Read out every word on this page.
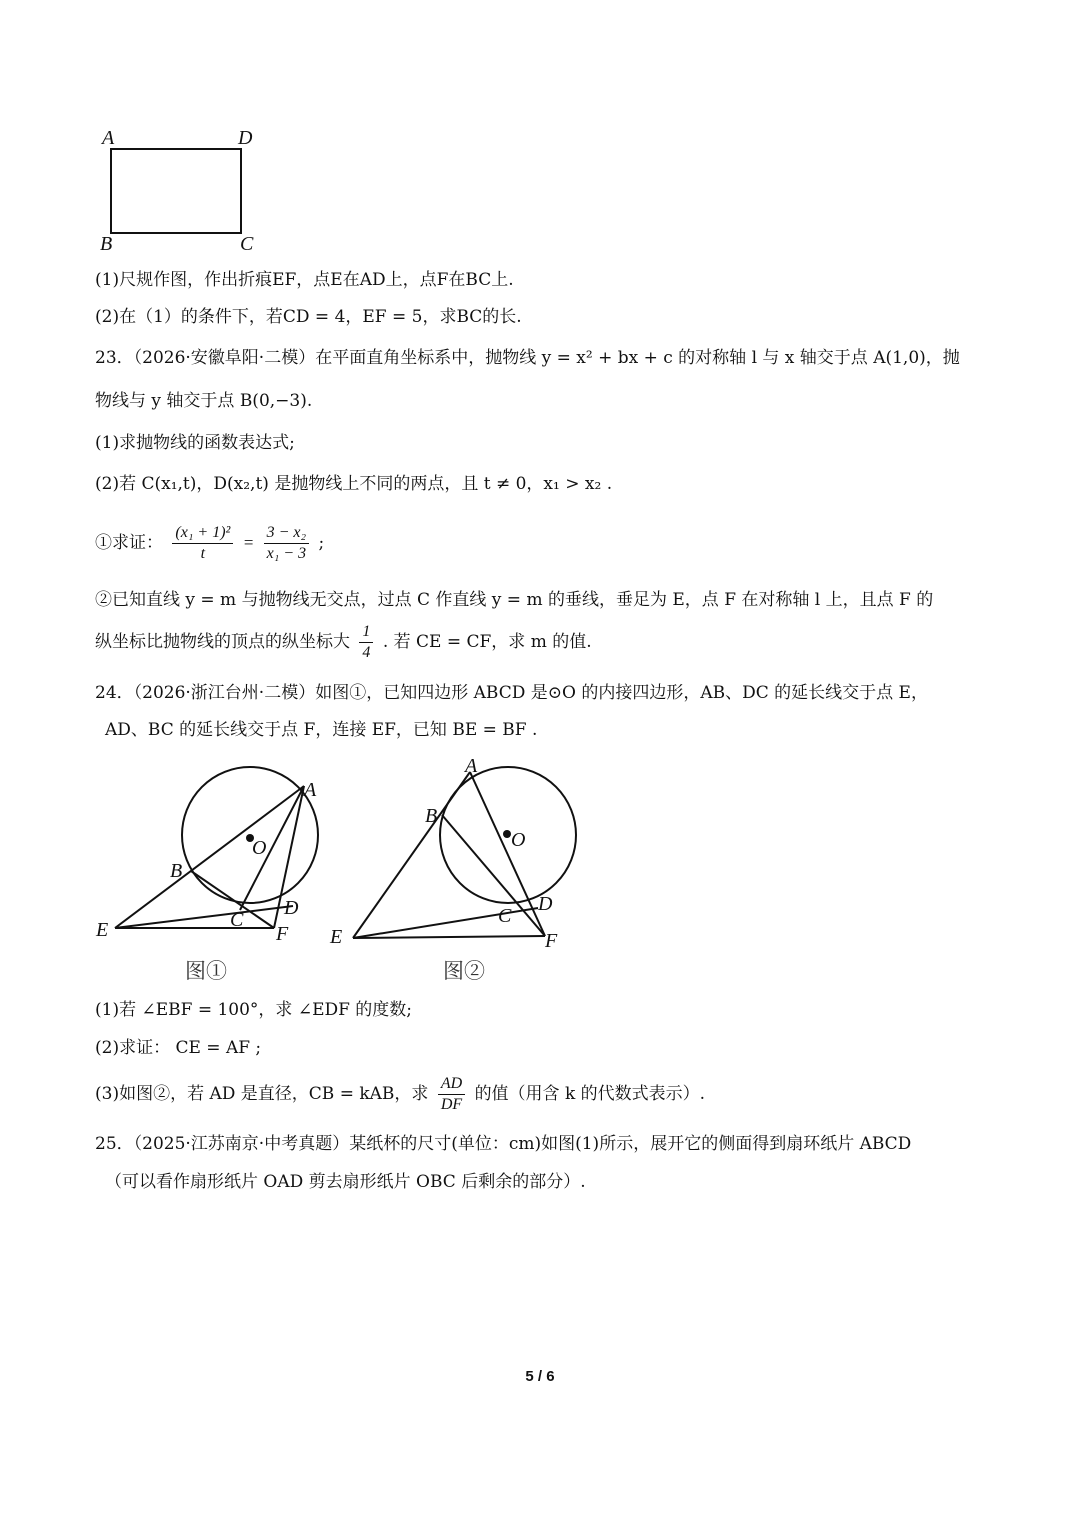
A	D
B	C
(1)尺规作图，作出折痕EF，点E在AD上，点F在BC上.
(2)在（1）的条件下，若CD = 4，EF = 5，求BC的长.
23．（2026·安徽阜阳·二模）在平面直角坐标系中，抛物线 y = x² + bx + c 的对称轴 l 与 x 轴交于点 A(1,0)，抛
物线与 y 轴交于点 B(0,−3).
(1)求抛物线的函数表达式;
(2)若 C(x₁,t)，D(x₂,t) 是抛物线上不同的两点，且 t ≠ 0，x₁ > x₂ .
①求证： $\frac{\text{(x₁ + 1)²}}{t} = \frac{\text{3 − x₂}}{\text{x₁ − 3}}$ ;
②已知直线 y = m 与抛物线无交点，过点 C 作直线 y = m 的垂线，垂足为 E，点 F 在对称轴 l 上，且点 F 的
纵坐标比抛物线的顶点的纵坐标大 $\frac{1}{4}$ . 若 CE = CF，求 m 的值.
24．（2026·浙江台州·二模）如图①，已知四边形 ABCD 是⊙O 的内接四边形，AB、DC 的延长线交于点 E，
AD、BC 的延长线交于点 F，连接 EF，已知 BE = BF .
A
B
C
D
E	F
O
图①
A
B
C
D
E	F
O
图②
(1)若 ∠EBF = 100°，求 ∠EDF 的度数;
(2)求证： CE = AF ;
(3)如图②，若 AD 是直径，CB = kAB，求 $\frac{AD}{DF}$ 的值（用含 k 的代数式表示）.
25．（2025·江苏南京·中考真题）某纸杯的尺寸(单位：cm)如图(1)所示，展开它的侧面得到扇环纸片 ABCD
（可以看作扇形纸片 OAD 剪去扇形纸片 OBC 后剩余的部分）.
5 / 6
